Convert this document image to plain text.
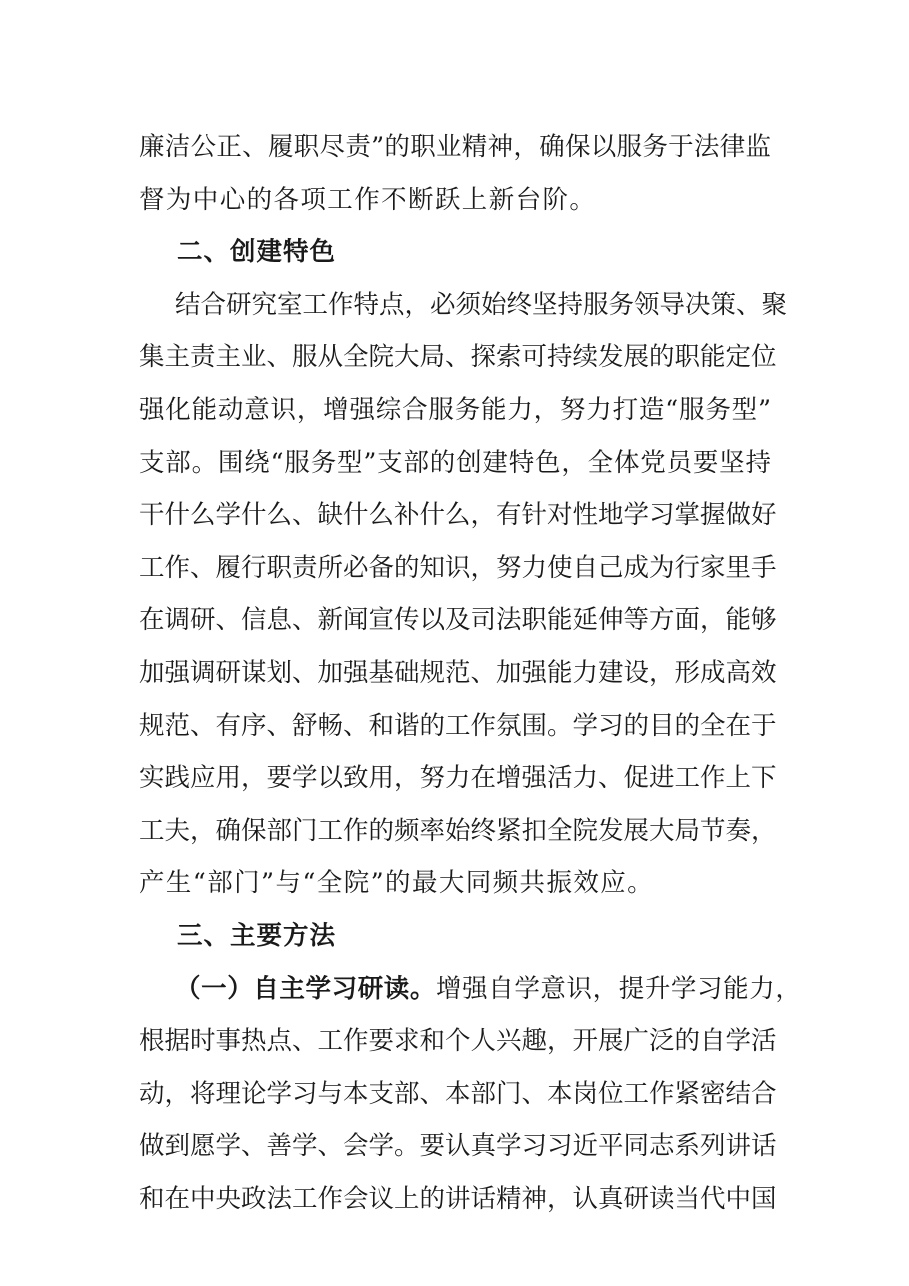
廉洁公正、履职尽责”的职业精神，确保以服务于法律监
督为中心的各项工作不断跃上新台阶。
二、创建特色
结合研究室工作特点，必须始终坚持服务领导决策、聚
集主责主业、服从全院大局、探索可持续发展的职能定位
强化能动意识，增强综合服务能力，努力打造“服务型”
支部。围绕“服务型”支部的创建特色，全体党员要坚持
干什么学什么、缺什么补什么，有针对性地学习掌握做好
工作、履行职责所必备的知识，努力使自己成为行家里手
在调研、信息、新闻宣传以及司法职能延伸等方面，能够
加强调研谋划、加强基础规范、加强能力建设，形成高效
规范、有序、舒畅、和谐的工作氛围。学习的目的全在于
实践应用，要学以致用，努力在增强活力、促进工作上下
工夫，确保部门工作的频率始终紧扣全院发展大局节奏，
产生“部门”与“全院”的最大同频共振效应。
三、主要方法
（一）自主学习研读。增强自学意识，提升学习能力，
根据时事热点、工作要求和个人兴趣，开展广泛的自学活
动，将理论学习与本支部、本部门、本岗位工作紧密结合
做到愿学、善学、会学。要认真学习习近平同志系列讲话
和在中央政法工作会议上的讲话精神，认真研读当代中国
